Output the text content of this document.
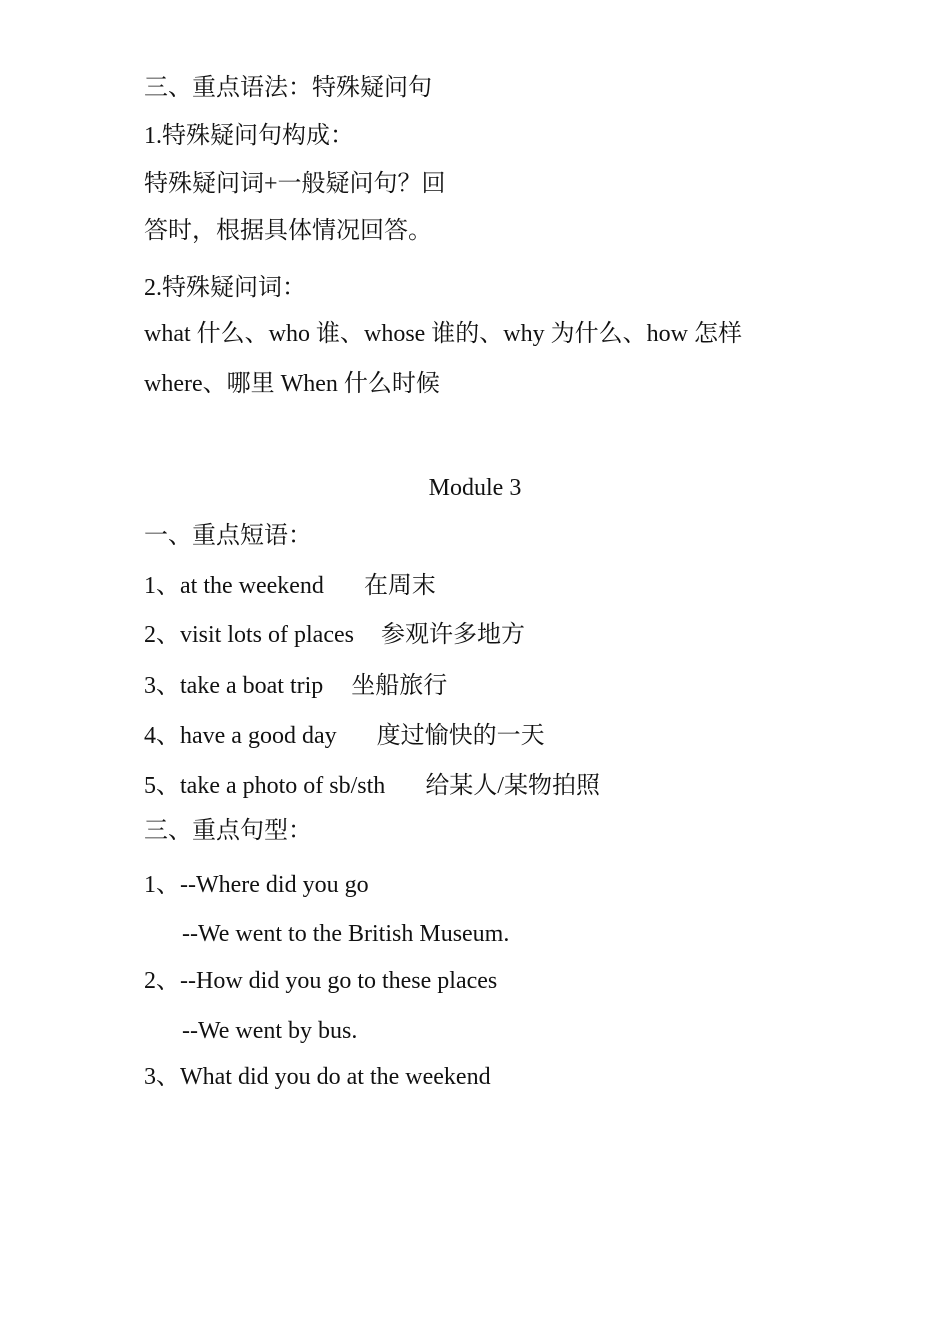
三、重点语法：特殊疑问句
1.特殊疑问句构成：
特殊疑问词+一般疑问句？回
答时，根据具体情况回答。
2.特殊疑问词：
what 什么、who 谁、whose 谁的、why 为什么、how 怎样
where、哪里 When 什么时候
Module 3
一、重点短语：
1、at the weekend 在周末
2、visit lots of places 参观许多地方
3、take a boat trip 坐船旅行
4、have a good day 度过愉快的一天
5、take a photo of sb/sth 给某人/某物拍照
三、重点句型：
1、--Where did you go
--We went to the British Museum.
2、--How did you go to these places
--We went by bus.
3、What did you do at the weekend
